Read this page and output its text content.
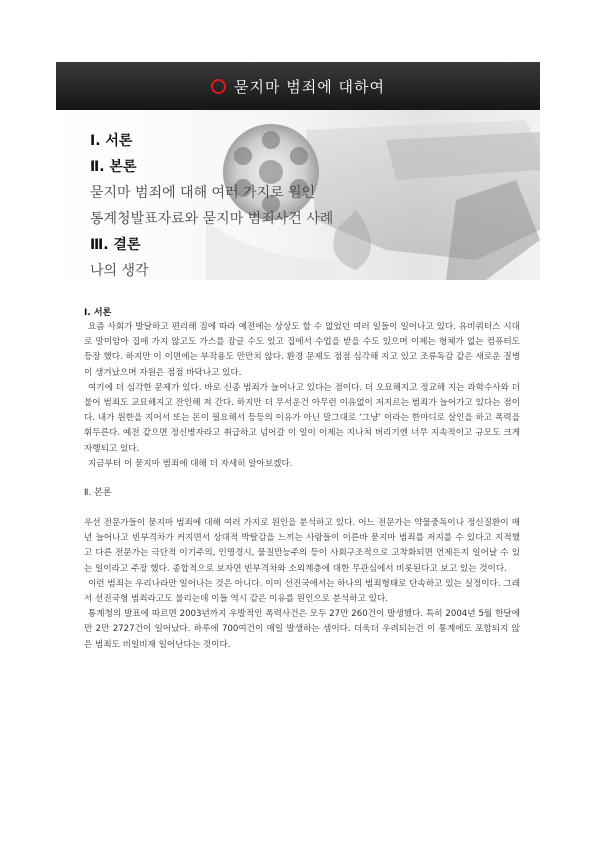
묻지마 범죄에 대하여
Ⅰ. 서론
Ⅱ. 본론
묻지마 범죄에 대해 여러 가지로 원인
통계청발표자료와 묻지마 범죄사건 사례
Ⅲ. 결론
나의 생각
Ⅰ. 서론

요즘 사회가 발달하고 편리해 짐에 따라 예전에는 상상도 할 수 없었던 여러 일들이 일어나고 있다. 유비쿼터스 시대로 말미암아 집에 가지 않고도 가스를 잠글 수도 있고 집에서 수업을 받을 수도 있으며 이제는 형체가 없는 컴퓨터도 등장 했다. 하지만 이 이면에는 부작용도 만만치 않다. 환경 문제도 점점 심각해 지고 있고 조류독감 같은 새로운 질병이 생겨났으며 자원은 점점 바닥나고 있다.

여기에 더 심각한 문제가 있다. 바로 신종 범죄가 늘어나고 있다는 점이다. 더 오묘해지고 정교해 지는 과학수사와 더불어 범죄도 교묘해지고 잔인해 져 간다. 하지만 더 무서운건 아무런 이유없이 저지르는 범죄가 늘어가고 있다는 점이다. 내가 원한을 지어서 또는 돈이 필요해서 등등의 이유가 아닌 말그대로 ‘그냥’ 이라는 한마디로 살인을 하고 폭력을 휘두른다. 예전 같으면 정신병자라고 취급하고 넘어갈 이 일이 이제는 지나쳐 버리기엔 너무 지속적이고 규모도 크게 자행되고 있다.

지금부터 이 묻지마 범죄에 대해 더 자세히 알아보겠다.

Ⅱ. 본론

우선 전문가들이 묻지마 범죄에 대해 여러 가지로 원인을 분석하고 있다. 어느 전문가는 약물중독이나 정신질환이 매년 늘어나고 빈부격차가 커지면서 상대적 박탈감을 느끼는 사람들이 이른바 묻지마 범죄를 저지를 수 있다고 지적했고 다른 전문가는 극단적 이기주의, 인명경시, 물질만능주의 등이 사회구조적으로 고착화되면 언제든지 일어날 수 있는 일이라고 주장 했다. 종합적으로 보자면 빈부격차와 소외계층에 대한 무관심에서 비롯된다고 보고 있는 것이다.

이런 범죄는 우리나라만 일어나는 것은 아니다. 이미 선진국에서는 하나의 범죄형태로 단속하고 있는 실정이다. 그래서 선진국형 범죄라고도 불리는데 이들 역시 같은 이유를 원인으로 분석하고 있다.

통계청의 발표에 따르면 2003년까지 우발적인 폭력사건은 모두 27만 260건이 발생했다. 특히 2004년 5월 한달에만 2만 2727건이 일어났다. 하루에 700여건이 매일 발생하는 셈이다. 더욱더 우려되는건 이 통계에도 포함되지 않은 범죄도 비일비재 일어난다는 것이다.
